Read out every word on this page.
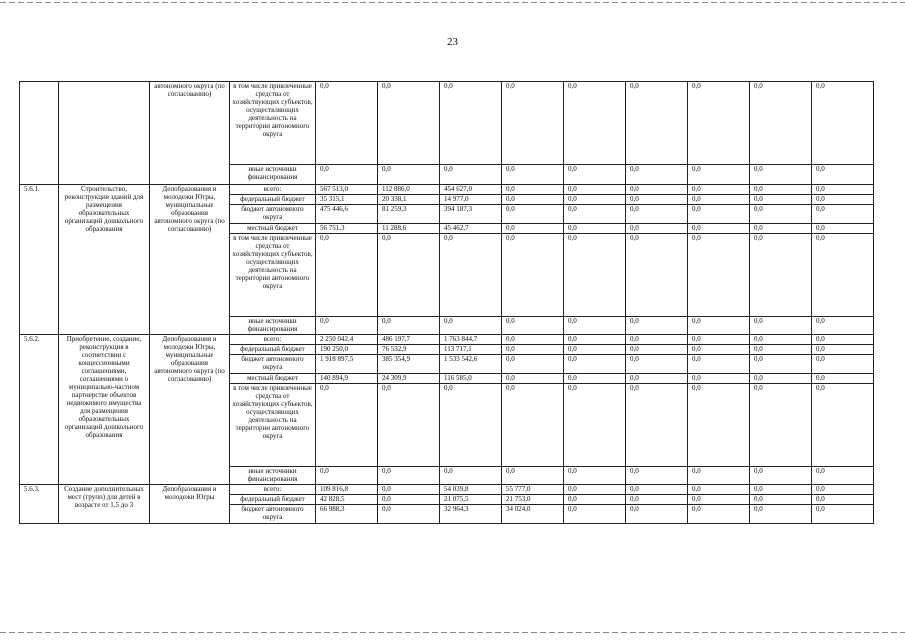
23
		автономного округа (по согласованию)	в том числе привлеченные средства от хозяйствующих субъектов, осуществляющих деятельность на территории автономного округа	0,0	0,0	0,0	0,0	0,0	0,0	0,0	0,0	0,0
			иные источники финансирования	0,0	0,0	0,0	0,0	0,0	0,0	0,0	0,0	0,0
5.6.1.	Строительство, реконструкция зданий для размещения образовательных организаций дошкольного образования	Депобразования и молодежи Югры, муниципальные образования автономного округа (по согласованию)	всего:	567 513,0	112 886,0	454 627,0	0,0	0,0	0,0	0,0	0,0	0,0
			федеральный бюджет	35 315,1	20 338,1	14 977,0	0,0	0,0	0,0	0,0	0,0	0,0
			бюджет автономного округа	475 446,6	81 259,3	394 187,3	0,0	0,0	0,0	0,0	0,0	0,0
			местный бюджет	56 751,3	11 288,6	45 462,7	0,0	0,0	0,0	0,0	0,0	0,0
			в том числе привлеченные средства от хозяйствующих субъектов, осуществляющих деятельность на территории автономного округа	0,0	0,0	0,0	0,0	0,0	0,0	0,0	0,0	0,0
			иные источники финансирования	0,0	0,0	0,0	0,0	0,0	0,0	0,0	0,0	0,0
5.6.2.	Приобретение, создание, реконструкция в соответствии с концессионными соглашениями, соглашениями о муниципально-частном партнерстве объектов недвижимого имущества для размещения образовательных организаций дошкольного образования	Депобразования и молодежи Югры, муниципальные образования автономного округа (по согласованию)	всего:	2 250 042,4	486 197,7	1 763 844,7	0,0	0,0	0,0	0,0	0,0	0,0
			федеральный бюджет	190 250,0	76 532,9	113 717,1	0,0	0,0	0,0	0,0	0,0	0,0
			бюджет автономного округа	1 918 897,5	385 354,9	1 533 542,6	0,0	0,0	0,0	0,0	0,0	0,0
			местный бюджет	140 894,9	24 309,9	116 585,0	0,0	0,0	0,0	0,0	0,0	0,0
			в том числе привлеченные средства от хозяйствующих субъектов, осуществляющих деятельность на территории автономного округа	0,0	0,0	0,0	0,0	0,0	0,0	0,0	0,0	0,0
			иные источники финансирования	0,0	0,0	0,0	0,0	0,0	0,0	0,0	0,0	0,0
5.6.3.	Создание дополнительных мест (групп) для детей в возрасте от 1,5 до 3	Депобразования и молодежи Югры	всего:	109 816,8	0,0	54 039,8	55 777,0	0,0	0,0	0,0	0,0	0,0
			федеральный бюджет	42 828,5	0,0	21 075,5	21 753,0	0,0	0,0	0,0	0,0	0,0
			бюджет автономного округа	66 988,3	0,0	32 964,3	34 024,0	0,0	0,0	0,0	0,0	0,0
